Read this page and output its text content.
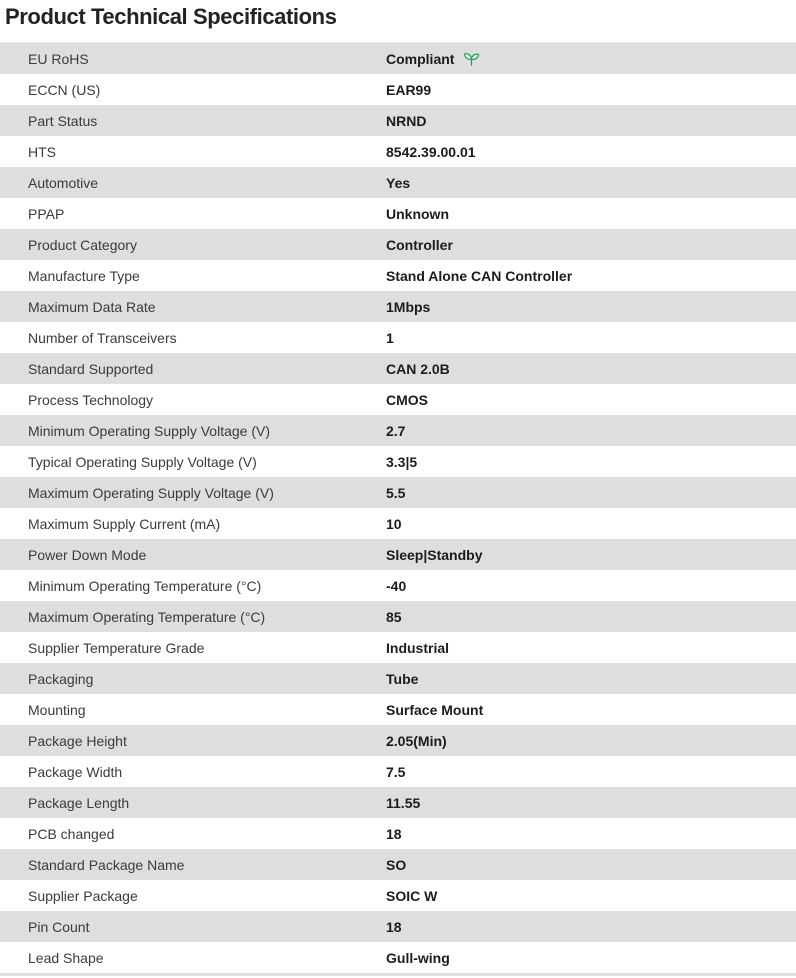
Product Technical Specifications
EU RoHS	Compliant
ECCN (US)	EAR99
Part Status	NRND
HTS	8542.39.00.01
Automotive	Yes
PPAP	Unknown
Product Category	Controller
Manufacture Type	Stand Alone CAN Controller
Maximum Data Rate	1Mbps
Number of Transceivers	1
Standard Supported	CAN 2.0B
Process Technology	CMOS
Minimum Operating Supply Voltage (V)	2.7
Typical Operating Supply Voltage (V)	3.3|5
Maximum Operating Supply Voltage (V)	5.5
Maximum Supply Current (mA)	10
Power Down Mode	Sleep|Standby
Minimum Operating Temperature (°C)	-40
Maximum Operating Temperature (°C)	85
Supplier Temperature Grade	Industrial
Packaging	Tube
Mounting	Surface Mount
Package Height	2.05(Min)
Package Width	7.5
Package Length	11.55
PCB changed	18
Standard Package Name	SO
Supplier Package	SOIC W
Pin Count	18
Lead Shape	Gull-wing
